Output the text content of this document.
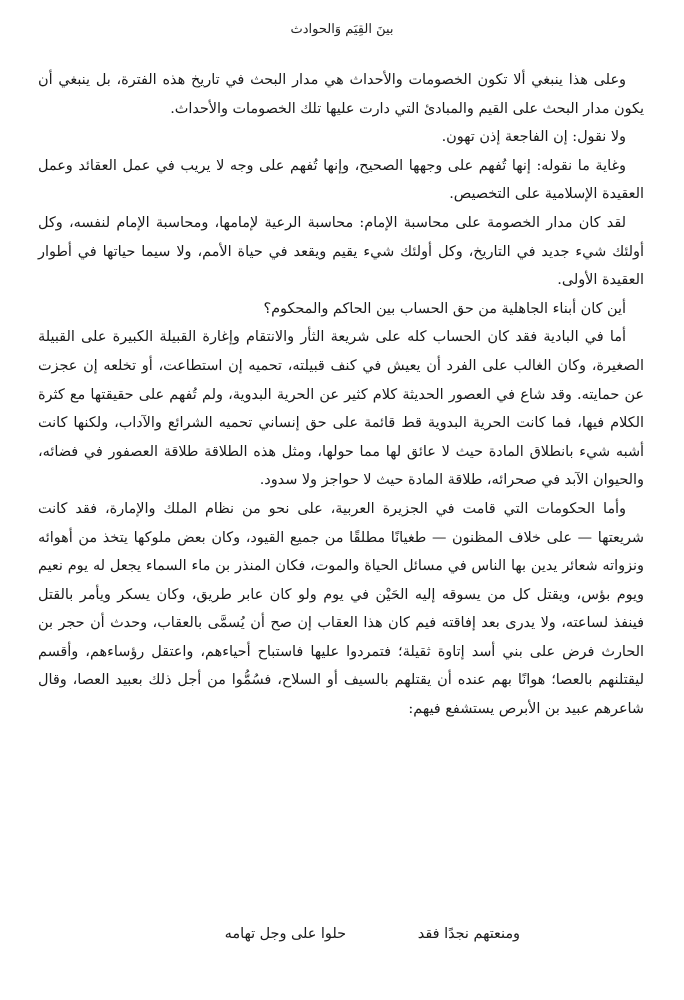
بينَ القِيَم وَالحوادث

وعلى هذا ينبغي ألا تكون الخصومات والأحداث هي مدار البحث في تاريخ هذه الفترة، بل ينبغي أن يكون مدار البحث على القيم والمبادئ التي دارت عليها تلك الخصومات والأحداث.

ولا نقول: إن الفاجعة إذن تهون.

وغاية ما نقوله: إنها تُفهم على وجهها الصحيح، وإنها تُفهم على وجه لا يريب في عمل العقائد وعمل العقيدة الإسلامية على التخصيص.

لقد كان مدار الخصومة على محاسبة الإمام: محاسبة الرعية لإمامها، ومحاسبة الإمام لنفسه، وكل أولئك شيء جديد في التاريخ، وكل أولئك شيء يقيم ويقعد في حياة الأمم، ولا سيما حياتها في أطوار العقيدة الأولى.

أين كان أبناء الجاهلية من حق الحساب بين الحاكم والمحكوم؟

أما في البادية فقد كان الحساب كله على شريعة الثأر والانتقام وإغارة القبيلة الكبيرة على القبيلة الصغيرة، وكان الغالب على الفرد أن يعيش في كنف قبيلته، تحميه إن استطاعت، أو تخلعه إن عجزت عن حمايته. وقد شاع في العصور الحديثة كلام كثير عن الحرية البدوية، ولم تُفهم على حقيقتها مع كثرة الكلام فيها، فما كانت الحرية البدوية قط قائمة على حق إنساني تحميه الشرائع والآداب، ولكنها كانت أشبه شيء بانطلاق المادة حيث لا عائق لها مما حولها، ومثل هذه الطلاقة طلاقة العصفور في فضائه، والحيوان الآبد في صحرائه، طلاقة المادة حيث لا حواجز ولا سدود.

وأما الحكومات التي قامت في الجزيرة العربية، على نحو من نظام الملك والإمارة، فقد كانت شريعتها — على خلاف المظنون — طغيانًا مطلقًا من جميع القيود، وكان بعض ملوكها يتخذ من أهوائه ونزواته شعائر يدين بها الناس في مسائل الحياة والموت، فكان المنذر بن ماء السماء يجعل له يوم نعيم ويوم بؤس، ويقتل كل من يسوقه إليه الحَيْن في يوم ولو كان عابر طريق، وكان يسكر ويأمر بالقتل فينفذ لساعته، ولا يدرى بعد إفاقته فيم كان هذا العقاب إن صح أن يُسمَّى بالعقاب، وحدث أن حجر بن الحارث فرض على بني أسد إتاوة ثقيلة؛ فتمردوا عليها فاستباح أحياءهم، واعتقل رؤساءهم، وأقسم ليقتلنهم بالعصا؛ هوانًا بهم عنده أن يقتلهم بالسيف أو السلاح، فسُمُّوا من أجل ذلك بعبيد العصا، وقال شاعرهم عبيد بن الأبرص يستشفع فيهم:

ومنعتهم نجدًا فقد
حلوا على وجل تهامه
